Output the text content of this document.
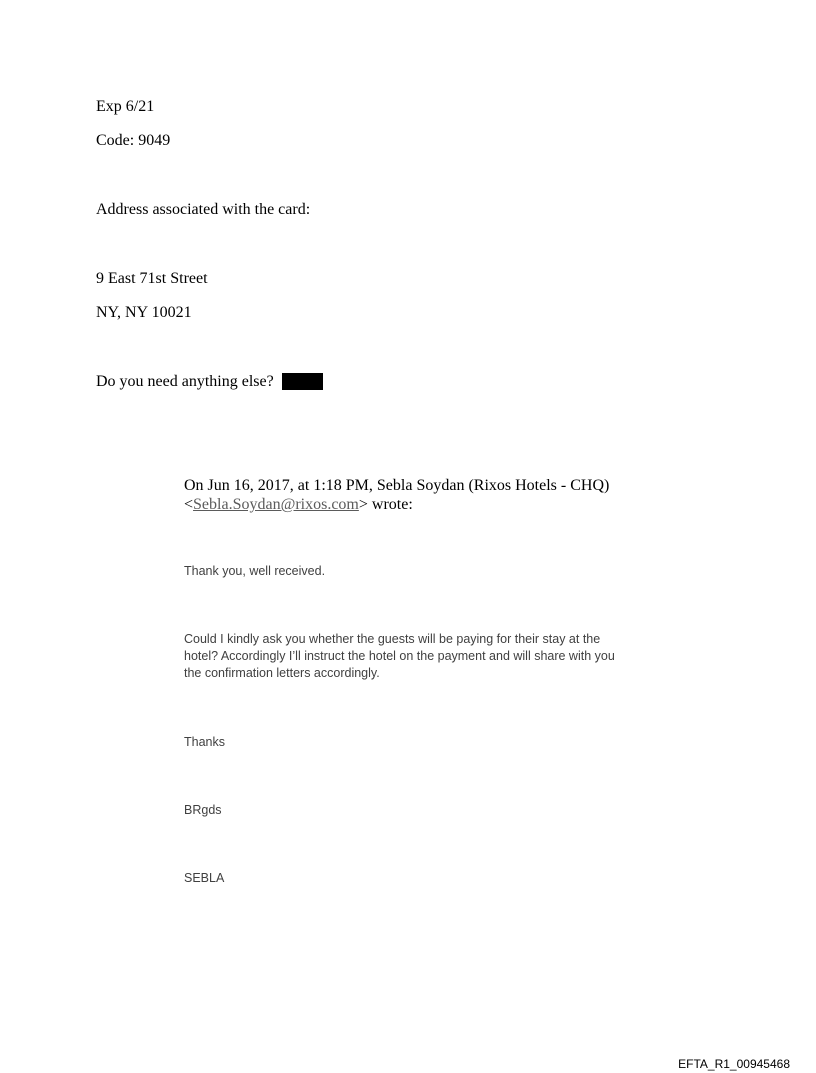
Exp 6/21
Code: 9049
Address associated with the card:
9 East 71st Street
NY, NY 10021
Do you need anything else?
On Jun 16, 2017, at 1:18 PM, Sebla Soydan (Rixos Hotels - CHQ)
<Sebla.Soydan@rixos.com> wrote:
Thank you, well received.
Could I kindly ask you whether the guests will be paying for their stay at the hotel? Accordingly I’ll instruct the hotel on the payment and will share with you the confirmation letters accordingly.
Thanks
BRgds
SEBLA
EFTA_R1_00945468
